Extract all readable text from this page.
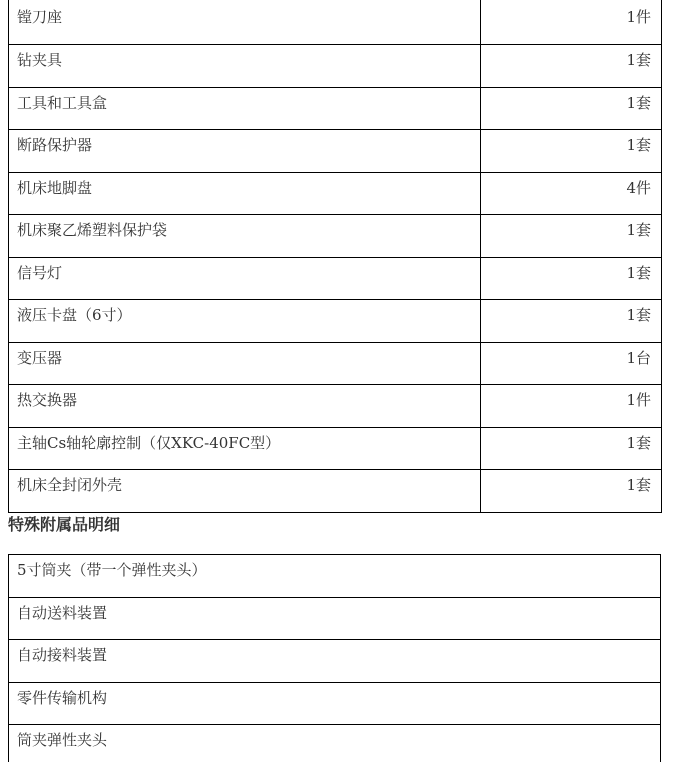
镗刀座	1件
钻夹具	1套
工具和工具盒	1套
断路保护器	1套
机床地脚盘	4件
机床聚乙烯塑料保护袋	1套
信号灯	1套
液压卡盘（6寸）	1套
变压器	1台
热交换器	1件
主轴Cs轴轮廓控制（仅XKC-40FC型）	1套
机床全封闭外壳	1套
特殊附属品明细
5寸筒夹（带一个弹性夹头）
自动送料装置
自动接料装置
零件传输机构
筒夹弹性夹头
